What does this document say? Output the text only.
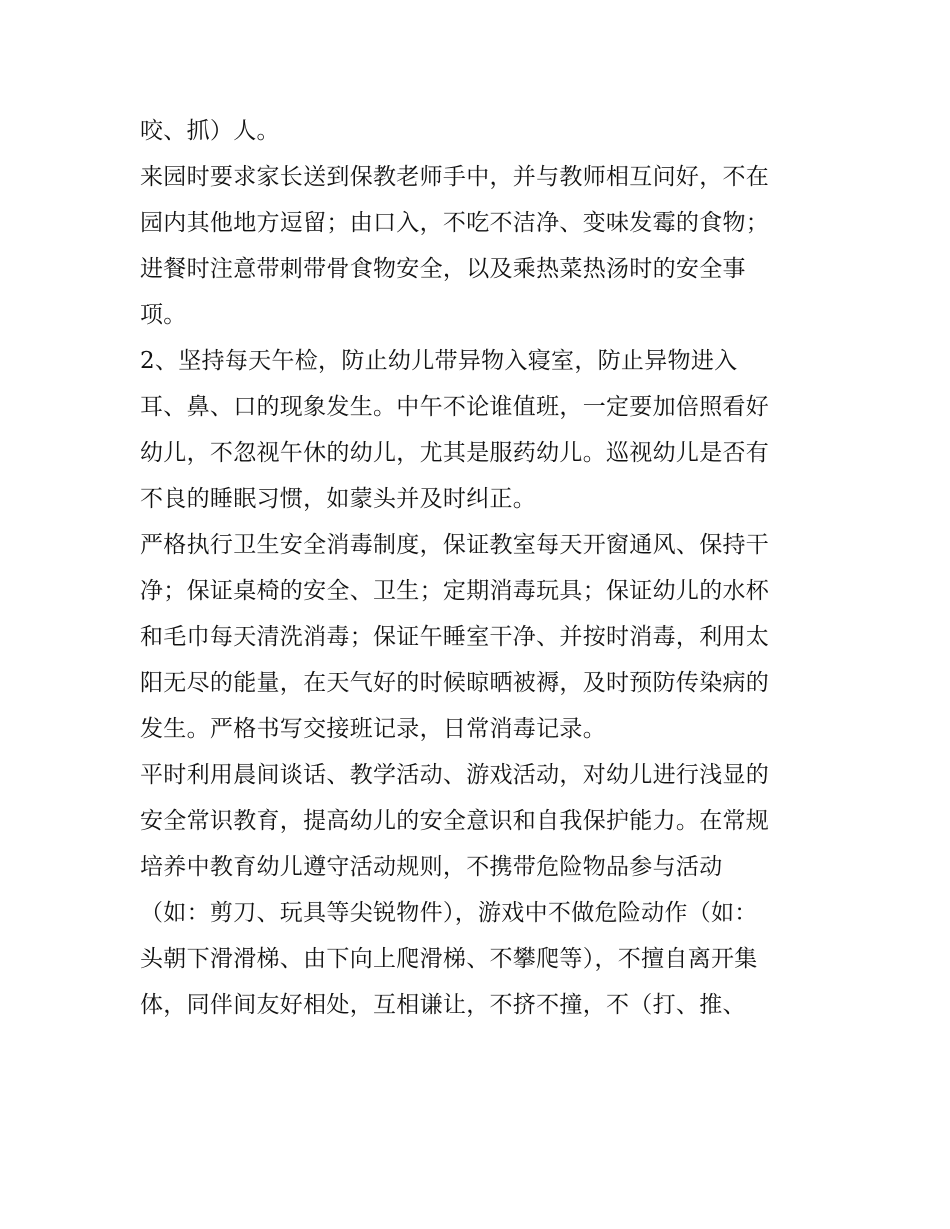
咬、抓）人。
来园时要求家长送到保教老师手中，并与教师相互问好，不在
园内其他地方逗留；由口入，不吃不洁净、变味发霉的食物；
进餐时注意带刺带骨食物安全，以及乘热菜热汤时的安全事
项。
2、坚持每天午检，防止幼儿带异物入寝室，防止异物进入
耳、鼻、口的现象发生。中午不论谁值班，一定要加倍照看好
幼儿，不忽视午休的幼儿，尤其是服药幼儿。巡视幼儿是否有
不良的睡眠习惯，如蒙头并及时纠正。
严格执行卫生安全消毒制度，保证教室每天开窗通风、保持干
净；保证桌椅的安全、卫生；定期消毒玩具；保证幼儿的水杯
和毛巾每天清洗消毒；保证午睡室干净、并按时消毒，利用太
阳无尽的能量，在天气好的时候晾晒被褥，及时预防传染病的
发生。严格书写交接班记录，日常消毒记录。
平时利用晨间谈话、教学活动、游戏活动，对幼儿进行浅显的
安全常识教育，提高幼儿的安全意识和自我保护能力。在常规
培养中教育幼儿遵守活动规则，不携带危险物品参与活动
（如：剪刀、玩具等尖锐物件），游戏中不做危险动作（如：
头朝下滑滑梯、由下向上爬滑梯、不攀爬等），不擅自离开集
体，同伴间友好相处，互相谦让，不挤不撞，不（打、推、
